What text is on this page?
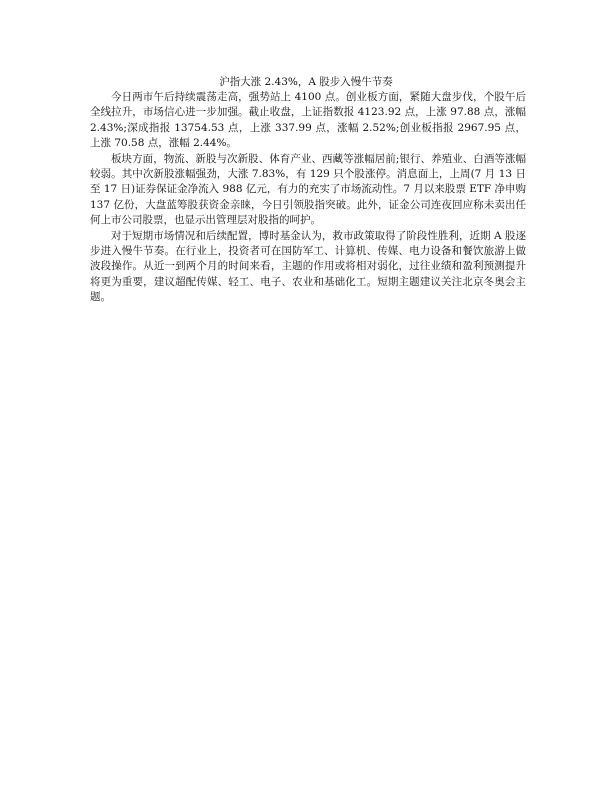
沪指大涨 2.43%，A 股步入慢牛节奏

今日两市午后持续震荡走高，强势站上 4100 点。创业板方面，紧随大盘步伐，个股午后全线拉升，市场信心进一步加强。截止收盘，上证指数报 4123.92 点，上涨 97.88 点，涨幅 2.43%;深成指报 13754.53 点，上涨 337.99 点，涨幅 2.52%;创业板指报 2967.95 点，上涨 70.58 点，涨幅 2.44%。

板块方面，物流、新股与次新股、体育产业、西藏等涨幅居前;银行、养殖业、白酒等涨幅较弱。其中次新股涨幅强劲，大涨 7.83%，有 129 只个股涨停。消息面上，上周(7 月 13 日至 17 日)证券保证金净流入 988 亿元，有力的充实了市场流动性。7 月以来股票 ETF 净申购 137 亿份，大盘蓝筹股获资金亲睐，今日引领股指突破。此外，证金公司连夜回应称未卖出任何上市公司股票，也显示出管理层对股指的呵护。

对于短期市场情况和后续配置，博时基金认为，救市政策取得了阶段性胜利，近期 A 股逐步进入慢牛节奏。在行业上，投资者可在国防军工、计算机、传媒、电力设备和餐饮旅游上做波段操作。从近一到两个月的时间来看，主题的作用或将相对弱化，过往业绩和盈利预测提升将更为重要，建议超配传媒、轻工、电子、农业和基础化工。短期主题建议关注北京冬奥会主题。
